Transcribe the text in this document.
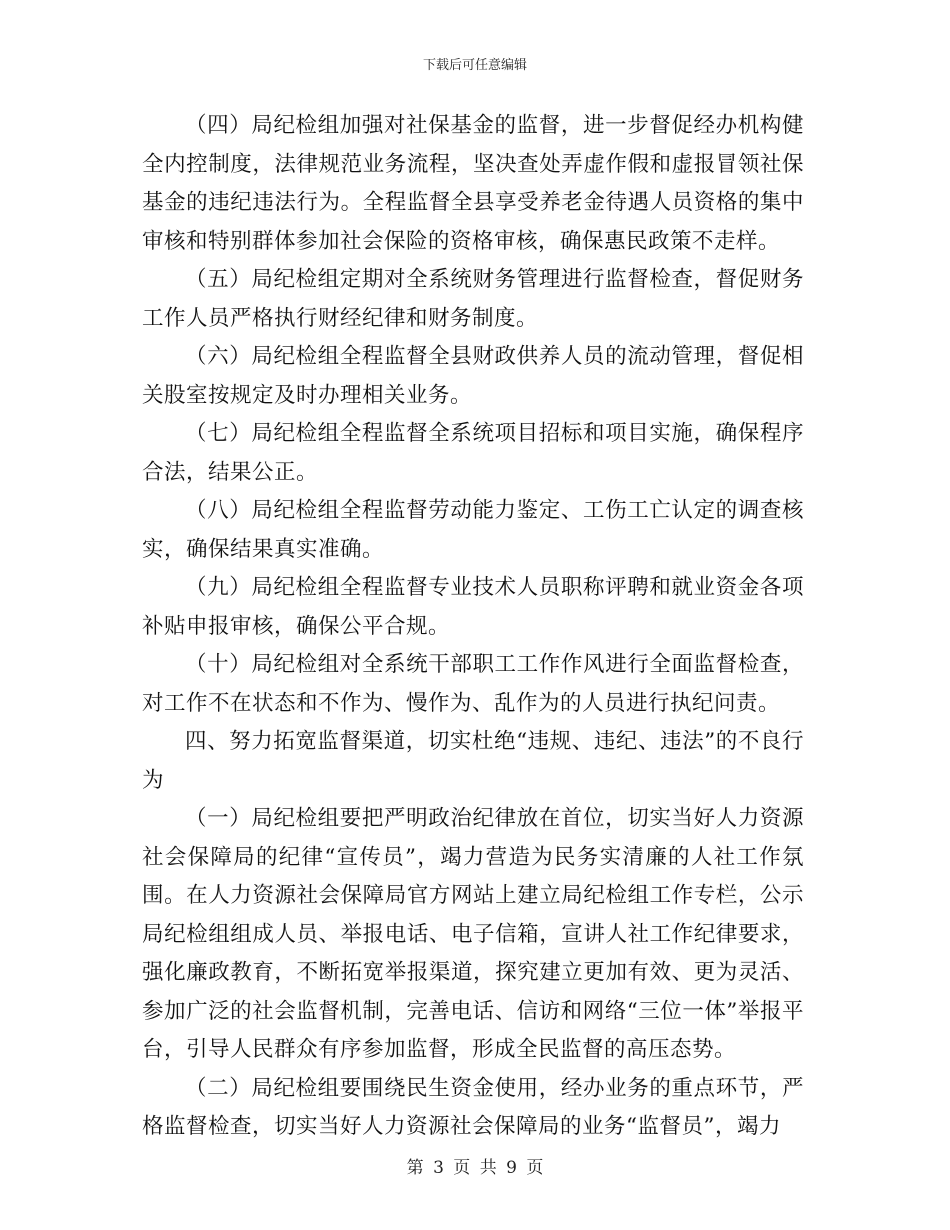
下载后可任意编辑

（四）局纪检组加强对社保基金的监督，进一步督促经办机构健全内控制度，法律规范业务流程，坚决查处弄虚作假和虚报冒领社保基金的违纪违法行为。全程监督全县享受养老金待遇人员资格的集中审核和特别群体参加社会保险的资格审核，确保惠民政策不走样。

（五）局纪检组定期对全系统财务管理进行监督检查，督促财务工作人员严格执行财经纪律和财务制度。

（六）局纪检组全程监督全县财政供养人员的流动管理，督促相关股室按规定及时办理相关业务。

（七）局纪检组全程监督全系统项目招标和项目实施，确保程序合法，结果公正。

（八）局纪检组全程监督劳动能力鉴定、工伤工亡认定的调查核实，确保结果真实准确。

（九）局纪检组全程监督专业技术人员职称评聘和就业资金各项补贴申报审核，确保公平合规。

（十）局纪检组对全系统干部职工工作作风进行全面监督检查，对工作不在状态和不作为、慢作为、乱作为的人员进行执纪问责。

四、努力拓宽监督渠道，切实杜绝“违规、违纪、违法”的不良行为

（一）局纪检组要把严明政治纪律放在首位，切实当好人力资源社会保障局的纪律“宣传员”，竭力营造为民务实清廉的人社工作氛围。在人力资源社会保障局官方网站上建立局纪检组工作专栏，公示局纪检组组成人员、举报电话、电子信箱，宣讲人社工作纪律要求，强化廉政教育，不断拓宽举报渠道，探究建立更加有效、更为灵活、参加广泛的社会监督机制，完善电话、信访和网络“三位一体”举报平台，引导人民群众有序参加监督，形成全民监督的高压态势。

（二）局纪检组要围绕民生资金使用，经办业务的重点环节，严格监督检查，切实当好人力资源社会保障局的业务“监督员”，竭力

第 3 页 共 9 页
